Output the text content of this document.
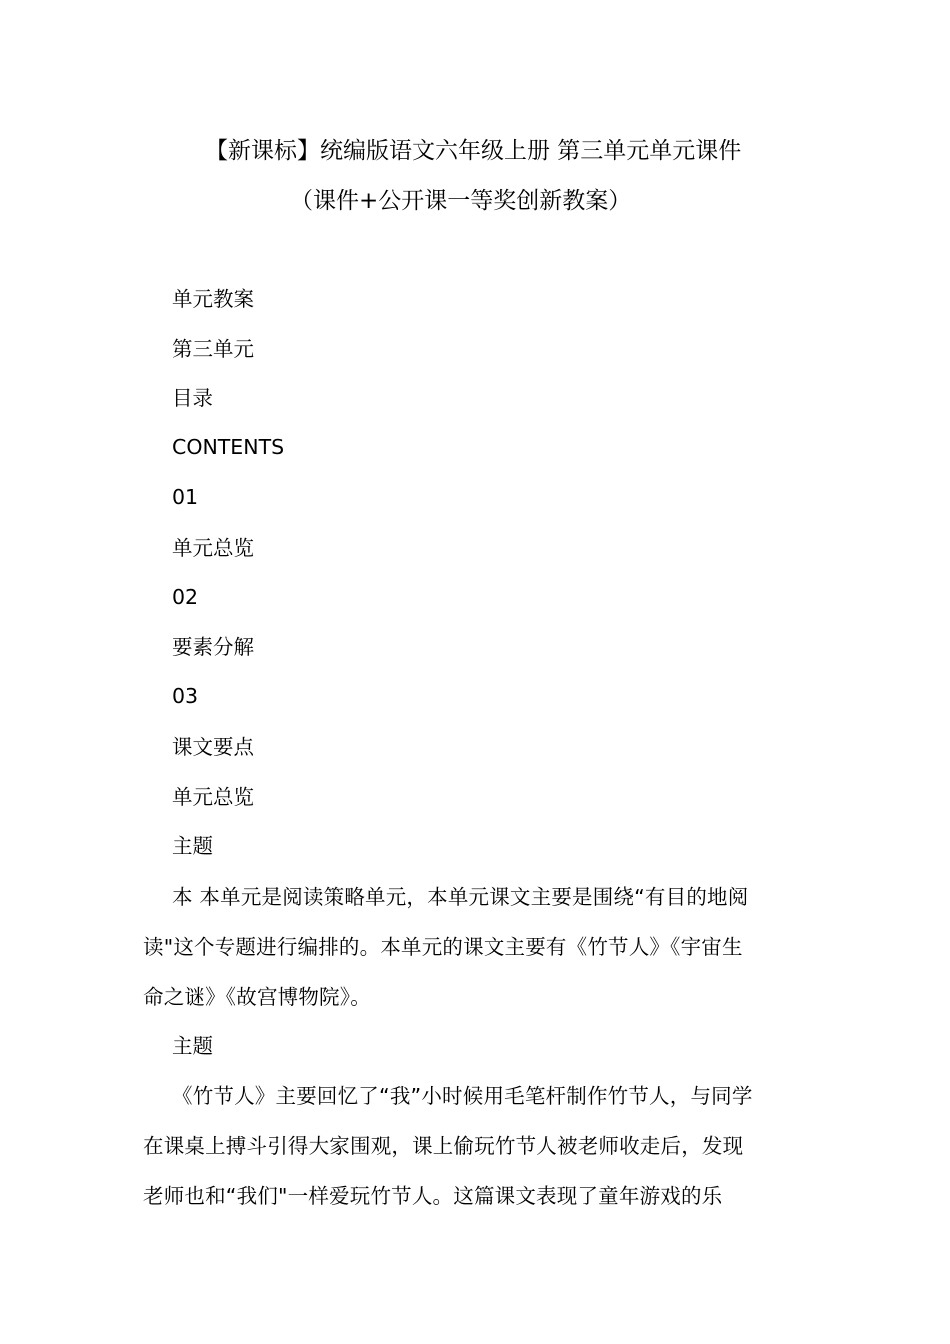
【新课标】统编版语文六年级上册 第三单元单元课件
（课件+公开课一等奖创新教案）
单元教案
第三单元
目录
CONTENTS
01
单元总览
02
要素分解
03
课文要点
单元总览
主题
本 本单元是阅读策略单元，本单元课文主要是围绕“有目的地阅
读"这个专题进行编排的。本单元的课文主要有《竹节人》《宇宙生
命之谜》《故宫博物院》。
主题
《竹节人》主要回忆了“我”小时候用毛笔杆制作竹节人，与同学
在课桌上搏斗引得大家围观，课上偷玩竹节人被老师收走后，发现
老师也和“我们"一样爱玩竹节人。这篇课文表现了童年游戏的乐
